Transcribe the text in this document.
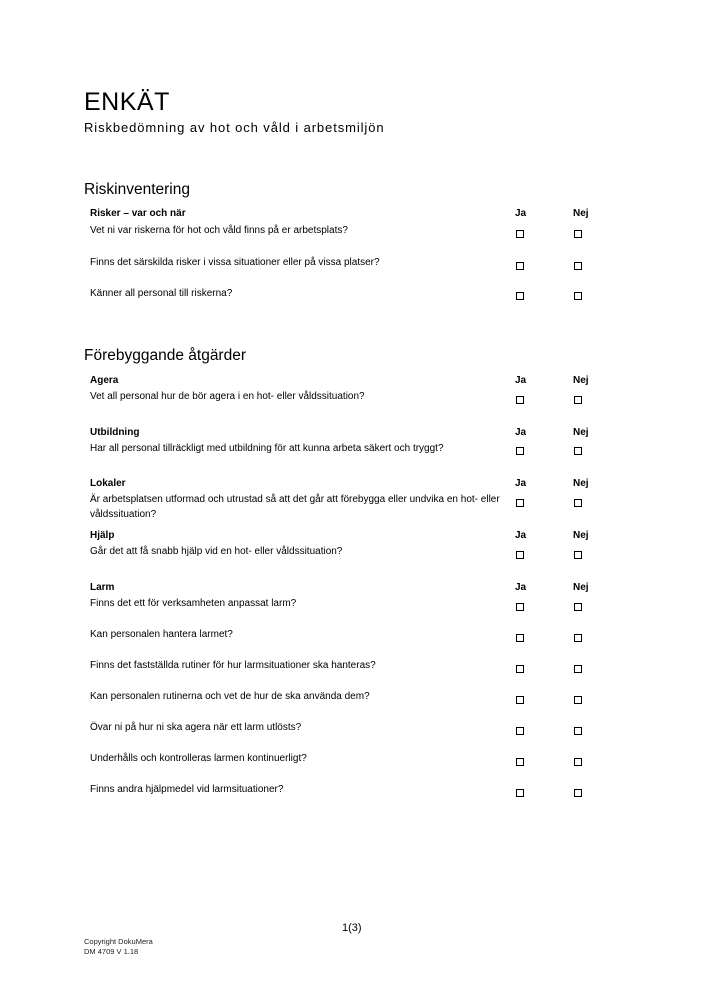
ENKÄT
Riskbedömning av hot och våld i arbetsmiljön
Riskinventering
Risker – var och när	Ja	Nej
Vet ni var riskerna för hot och våld finns på er arbetsplats?
Finns det särskilda risker i vissa situationer eller på vissa platser?
Känner all personal till riskerna?
Förebyggande åtgärder
Agera	Ja	Nej
Vet all personal hur de bör agera i en hot- eller våldssituation?
Utbildning	Ja	Nej
Har all personal tillräckligt med utbildning för att kunna arbeta säkert och tryggt?
Lokaler	Ja	Nej
Är arbetsplatsen utformad och utrustad så att det går att förebygga eller undvika en hot- eller våldssituation?
Hjälp	Ja	Nej
Går det att få snabb hjälp vid en hot- eller våldssituation?
Larm	Ja	Nej
Finns det ett för verksamheten anpassat larm?
Kan personalen hantera larmet?
Finns det fastställda rutiner för hur larmsituationer ska hanteras?
Kan personalen rutinerna och vet de hur de ska använda dem?
Övar ni på hur ni ska agera när ett larm utlösts?
Underhålls och kontrolleras larmen kontinuerligt?
Finns andra hjälpmedel vid larmsituationer?
1(3)
Copyright DokuMera
DM 4709 V 1.18
